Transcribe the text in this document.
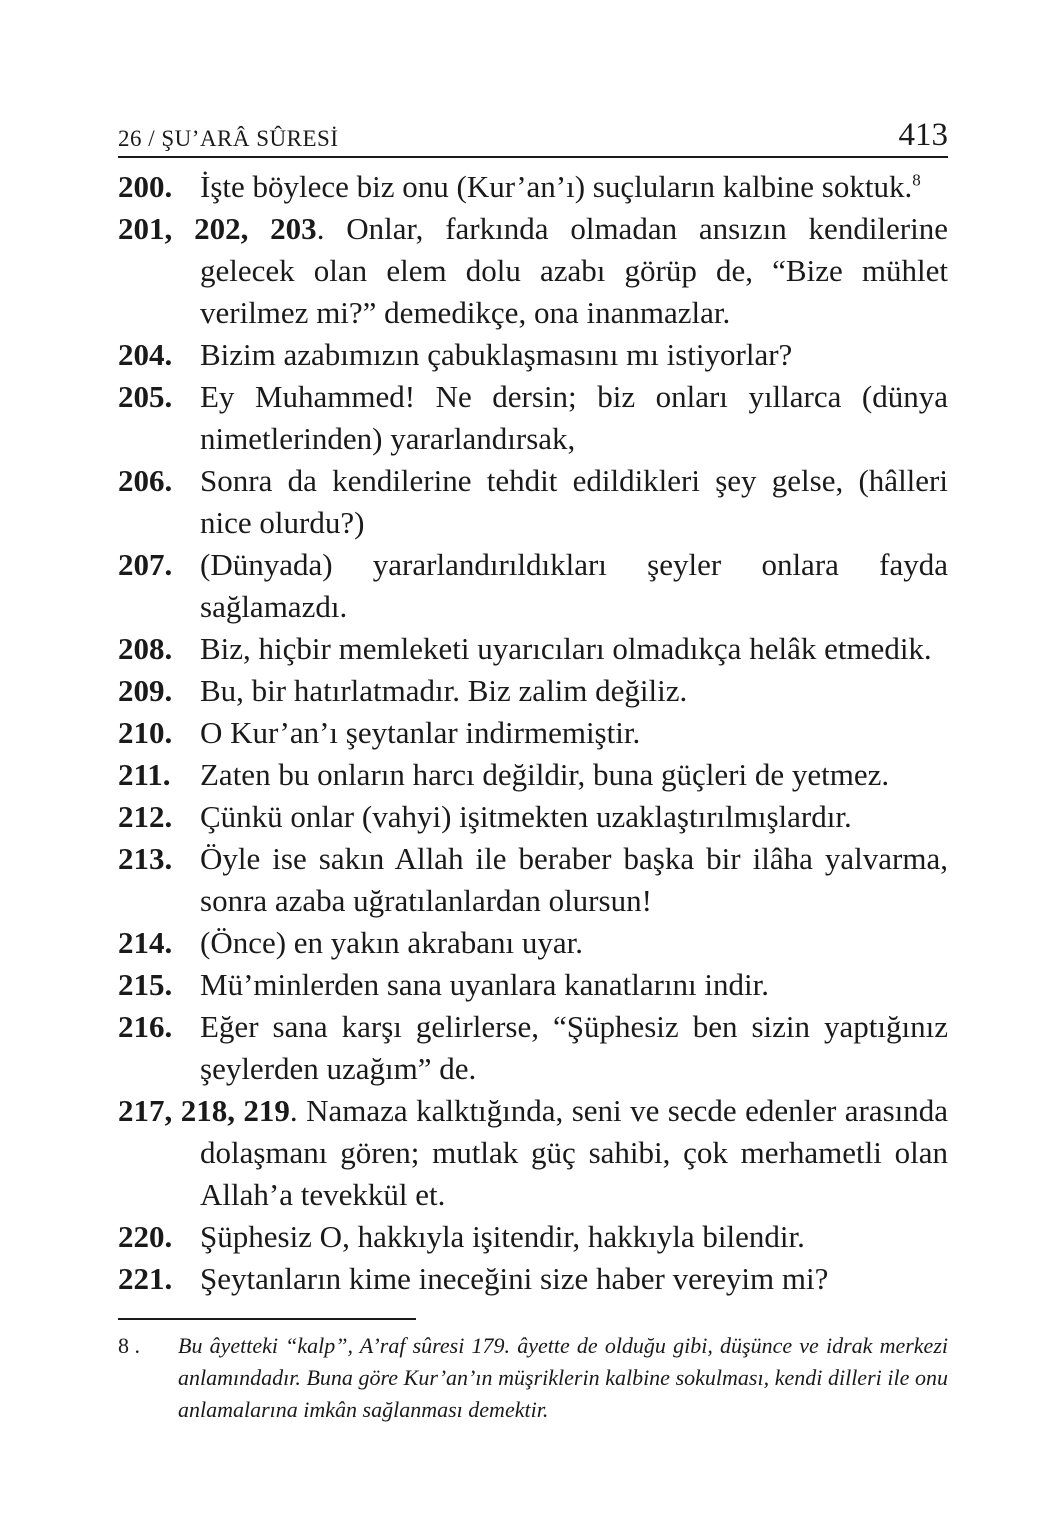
26 / ŞU’ARÂ SÛRESİ	413
200. İşte böylece biz onu (Kur’an’ı) suçluların kalbine soktuk.$^8$
201, 202, 203. Onlar, farkında olmadan ansızın kendilerine gelecek olan elem dolu azabı görüp de, “Bize mühlet verilmez mi?” demedikçe, ona inanmazlar.
204. Bizim azabımızın çabuklaşmasını mı istiyorlar?
205. Ey Muhammed! Ne dersin; biz onları yıllarca (dünya nimetlerinden) yararlandırsak,
206. Sonra da kendilerine tehdit edildikleri şey gelse, (hâlleri nice olurdu?)
207. (Dünyada) yararlandırıldıkları şeyler onlara fayda sağlamazdı.
208. Biz, hiçbir memleketi uyarıcıları olmadıkça helâk etmedik.
209. Bu, bir hatırlatmadır. Biz zalim değiliz.
210. O Kur’an’ı şeytanlar indirmemiştir.
211. Zaten bu onların harcı değildir, buna güçleri de yetmez.
212. Çünkü onlar (vahyi) işitmekten uzaklaştırılmışlardır.
213. Öyle ise sakın Allah ile beraber başka bir ilâha yalvarma, sonra azaba uğratılanlardan olursun!
214. (Önce) en yakın akrabanı uyar.
215. Mü’minlerden sana uyanlara kanatlarını indir.
216. Eğer sana karşı gelirlerse, “Şüphesiz ben sizin yaptığınız şeylerden uzağım” de.
217, 218, 219. Namaza kalktığında, seni ve secde edenler arasında dolaşmanı gören; mutlak güç sahibi, çok merhametli olan Allah’a tevekkül et.
220. Şüphesiz O, hakkıyla işitendir, hakkıyla bilendir.
221. Şeytanların kime ineceğini size haber vereyim mi?
8 .	Bu âyetteki “kalp”, A’raf sûresi 179. âyette de olduğu gibi, düşünce ve idrak merkezi anlamındadır. Buna göre Kur’an’ın müşriklerin kalbine sokulması, kendi dilleri ile onu anlamalarına imkân sağlanması demektir.
